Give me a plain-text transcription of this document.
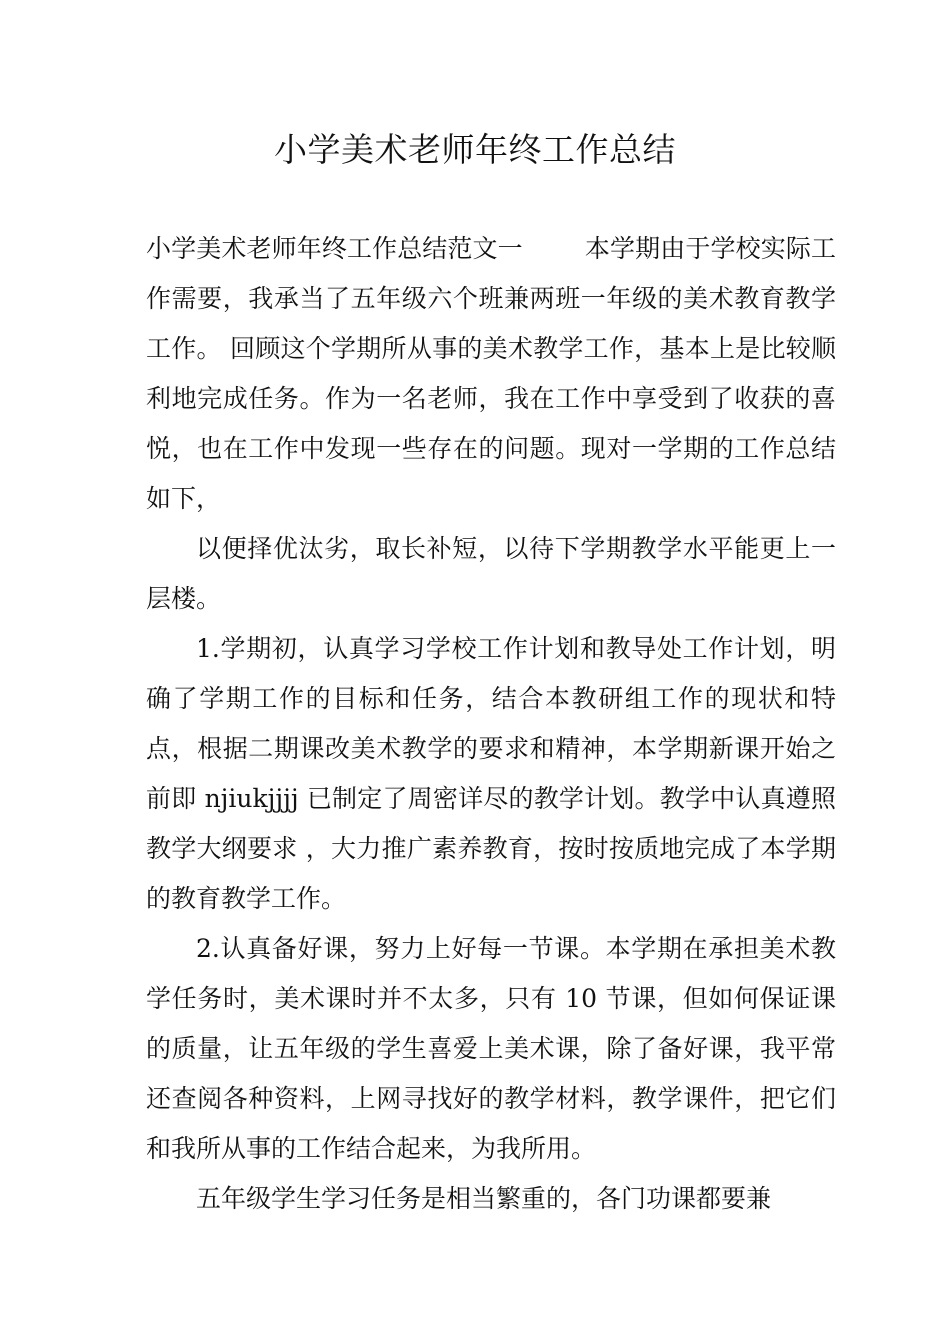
小学美术老师年终工作总结

小学美术老师年终工作总结范文一 本学期由于学校实际工作需要，我承当了五年级六个班兼两班一年级的美术教育教学工作。 回顾这个学期所从事的美术教学工作，基本上是比较顺利地完成任务。作为一名老师，我在工作中享受到了收获的喜悦，也在工作中发现一些存在的问题。现对一学期的工作总结如下，

以便择优汰劣，取长补短，以待下学期教学水平能更上一层楼。

1.学期初，认真学习学校工作计划和教导处工作计划，明确了学期工作的目标和任务，结合本教研组工作的现状和特点，根据二期课改美术教学的要求和精神，本学期新课开始之前即 njiukjjjj 已制定了周密详尽的教学计划。教学中认真遵照教学大纲要求 ，大力推广素养教育，按时按质地完成了本学期的教育教学工作。

2.认真备好课，努力上好每一节课。本学期在承担美术教学任务时，美术课时并不太多，只有 10 节课，但如何保证课的质量，让五年级的学生喜爱上美术课，除了备好课，我平常还查阅各种资料，上网寻找好的教学材料，教学课件，把它们和我所从事的工作结合起来，为我所用。

五年级学生学习任务是相当繁重的，各门功课都要兼
